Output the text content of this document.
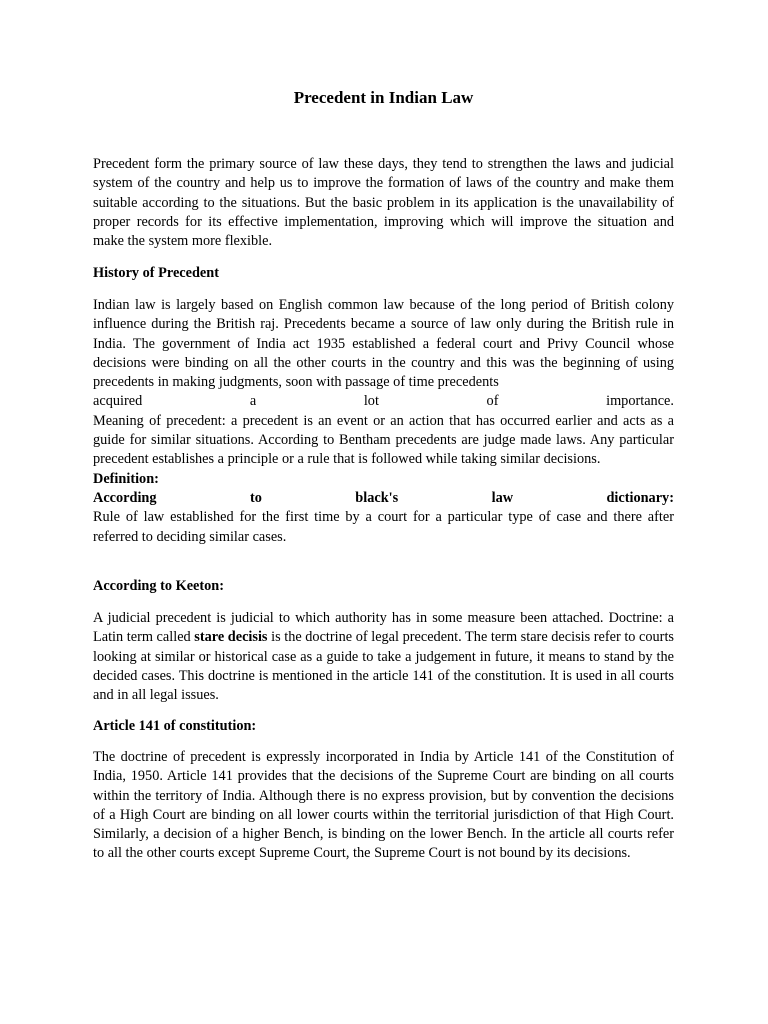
Precedent in Indian Law

Precedent form the primary source of law these days, they tend to strengthen the laws and judicial system of the country and help us to improve the formation of laws of the country and make them suitable according to the situations. But the basic problem in its application is the unavailability of proper records for its effective implementation, improving which will improve the situation and make the system more flexible.

History of Precedent
Indian law is largely based on English common law because of the long period of British colony influence during the British raj. Precedents became a source of law only during the British rule in India. The government of India act 1935 established a federal court and Privy Council whose decisions were binding on all the other courts in the country and this was the beginning of using precedents in making judgments, soon with passage of time precedents
acquired	a	lot	of	importance.
Meaning of precedent: a precedent is an event or an action that has occurred earlier and acts as a guide for similar situations. According to Bentham precedents are judge made laws. Any particular precedent establishes a principle or a rule that is followed while taking similar decisions.
Definition:
According	to	black's	law	dictionary:
Rule of law established for the first time by a court for a particular type of case and there after referred to deciding similar cases.
According to Keeton:

A judicial precedent is judicial to which authority has in some measure been attached. Doctrine: a Latin term called stare decisis is the doctrine of legal precedent. The term stare decisis refer to courts looking at similar or historical case as a guide to take a judgement in future, it means to stand by the decided cases. This doctrine is mentioned in the article 141 of the constitution. It is used in all courts and in all legal issues.

Article 141 of constitution:

The doctrine of precedent is expressly incorporated in India by Article 141 of the Constitution of India, 1950. Article 141 provides that the decisions of the Supreme Court are binding on all courts within the territory of India. Although there is no express provision, but by convention the decisions of a High Court are binding on all lower courts within the territorial jurisdiction of that High Court. Similarly, a decision of a higher Bench, is binding on the lower Bench. In the article all courts refer to all the other courts except Supreme Court, the Supreme Court is not bound by its decisions.
